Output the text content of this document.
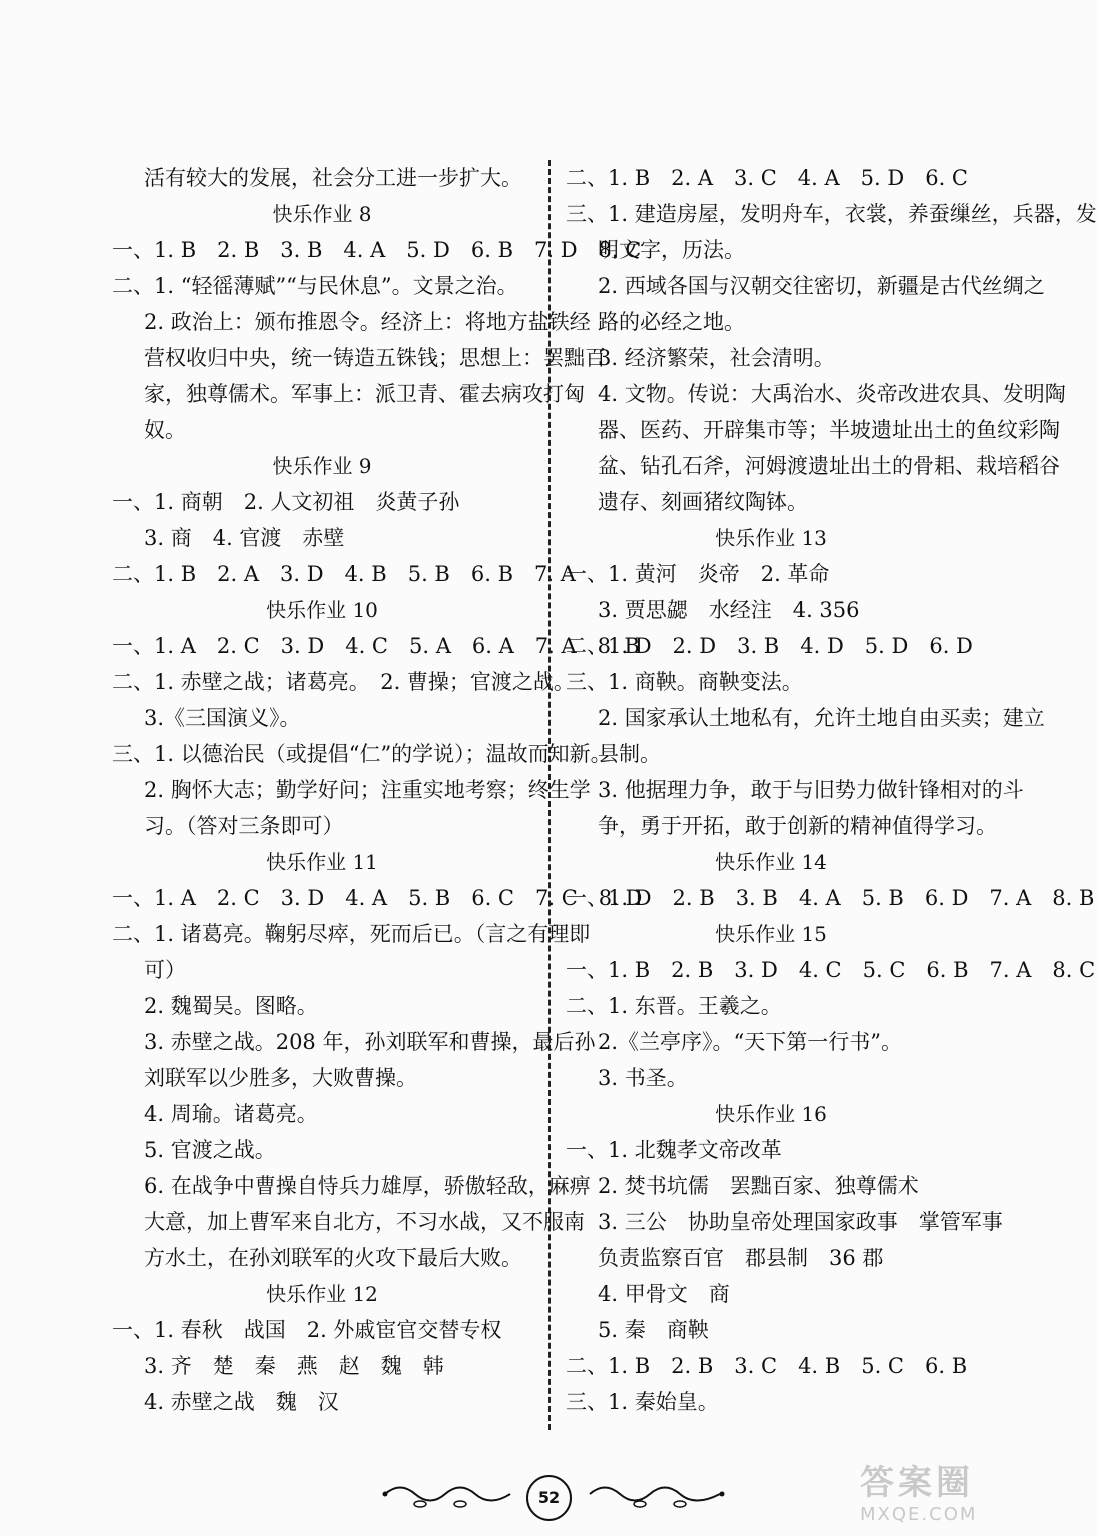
活有较大的发展，社会分工进一步扩大。
快乐作业 8
一、1. B　2. B　3. B　4. A　5. D　6. B　7. D　8. C
二、1. “轻徭薄赋”“与民休息”。文景之治。
2. 政治上：颁布推恩令。经济上：将地方盐铁经
营权收归中央，统一铸造五铢钱；思想上：罢黜百
家，独尊儒术。军事上：派卫青、霍去病攻打匈
奴。
快乐作业 9
一、1. 商朝　2. 人文初祖　炎黄子孙
3. 商　4. 官渡　赤壁
二、1. B　2. A　3. D　4. B　5. B　6. B　7. A
快乐作业 10
一、1. A　2. C　3. D　4. C　5. A　6. A　7. A　8. B
二、1. 赤壁之战；诸葛亮。　2. 曹操；官渡之战。
3.《三国演义》。
三、1. 以德治民（或提倡“仁”的学说）；温故而知新。
2. 胸怀大志；勤学好问；注重实地考察；终生学
习。（答对三条即可）
快乐作业 11
一、1. A　2. C　3. D　4. A　5. B　6. C　7. C　8. D
二、1. 诸葛亮。鞠躬尽瘁，死而后已。（言之有理即
可）
2. 魏蜀吴。图略。
3. 赤壁之战。208 年，孙刘联军和曹操，最后孙
刘联军以少胜多，大败曹操。
4. 周瑜。诸葛亮。
5. 官渡之战。
6. 在战争中曹操自恃兵力雄厚，骄傲轻敌，麻痹
大意，加上曹军来自北方，不习水战，又不服南
方水土，在孙刘联军的火攻下最后大败。
快乐作业 12
一、1. 春秋　战国　2. 外戚宦官交替专权
3. 齐　楚　秦　燕　赵　魏　韩
4. 赤壁之战　魏　汉
二、1. B　2. A　3. C　4. A　5. D　6. C
三、1. 建造房屋，发明舟车，衣裳，养蚕缫丝，兵器，发
明文字，历法。
2. 西域各国与汉朝交往密切，新疆是古代丝绸之
路的必经之地。
3. 经济繁荣，社会清明。
4. 文物。传说：大禹治水、炎帝改进农具、发明陶
器、医药、开辟集市等；半坡遗址出土的鱼纹彩陶
盆、钻孔石斧，河姆渡遗址出土的骨耜、栽培稻谷
遗存、刻画猪纹陶钵。
快乐作业 13
一、1. 黄河　炎帝　2. 革命
3. 贾思勰　水经注　4. 356
二、1. D　2. D　3. B　4. D　5. D　6. D
三、1. 商鞅。商鞅变法。
2. 国家承认土地私有，允许土地自由买卖；建立
县制。
3. 他据理力争，敢于与旧势力做针锋相对的斗
争，勇于开拓，敢于创新的精神值得学习。
快乐作业 14
一、1. D　2. B　3. B　4. A　5. B　6. D　7. A　8. B
快乐作业 15
一、1. B　2. B　3. D　4. C　5. C　6. B　7. A　8. C
二、1. 东晋。王羲之。
2.《兰亭序》。“天下第一行书”。
3. 书圣。
快乐作业 16
一、1. 北魏孝文帝改革
2. 焚书坑儒　罢黜百家、独尊儒术
3. 三公　协助皇帝处理国家政事　掌管军事
负责监察百官　郡县制　36 郡
4. 甲骨文　商
5. 秦　商鞅
二、1. B　2. B　3. C　4. B　5. C　6. B
三、1. 秦始皇。
52	答案圈
MXQE.COM
